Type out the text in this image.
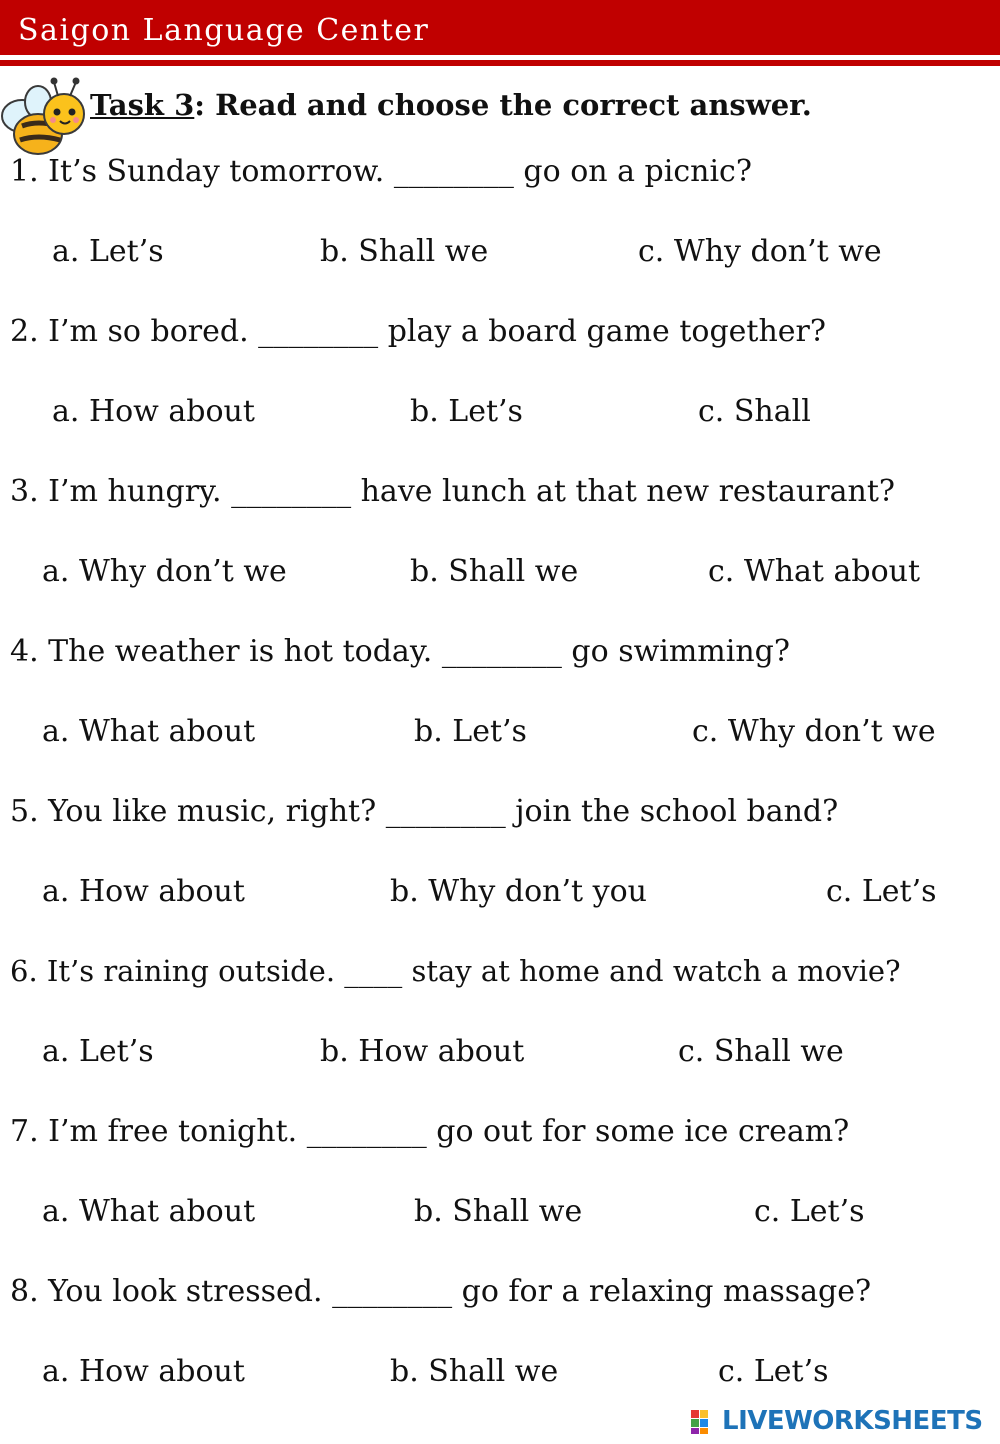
Saigon Language Center
Task 3: Read and choose the correct answer.
1. It’s Sunday tomorrow. ________ go on a picnic?
a. Let’s	b. Shall we	c. Why don’t we
2. I’m so bored. ________ play a board game together?
a. How about	b. Let’s	c. Shall
3. I’m hungry. ________ have lunch at that new restaurant?
a. Why don’t we	b. Shall we	c. What about
4. The weather is hot today. ________ go swimming?
a. What about	b. Let’s	c. Why don’t we
5. You like music, right? ________ join the school band?
a. How about	b. Why don’t you	c. Let’s
6. It’s raining outside. ____ stay at home and watch a movie?
a. Let’s	b. How about	c. Shall we
7. I’m free tonight. ________ go out for some ice cream?
a. What about	b. Shall we	c. Let’s
8. You look stressed. ________ go for a relaxing massage?
a. How about	b. Shall we	c. Let’s
LIVEWORKSHEETS
